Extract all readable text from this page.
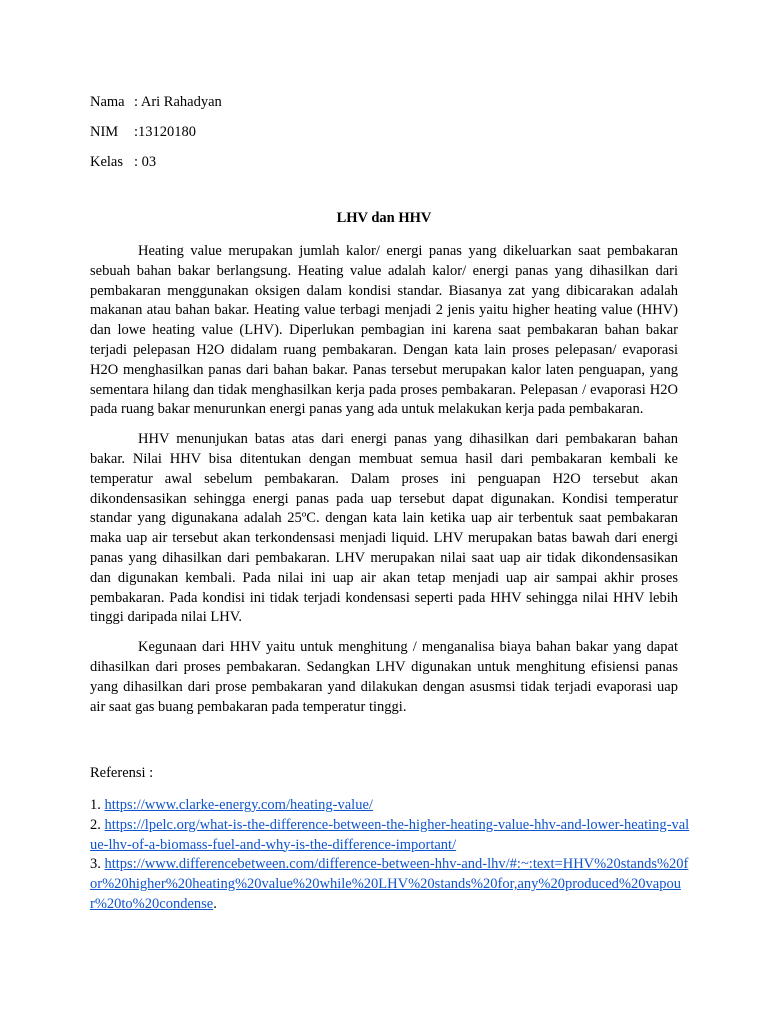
Nama : Ari Rahadyan
NIM	:13120180
Kelas : 03
LHV dan HHV

Heating value merupakan jumlah kalor/ energi panas yang dikeluarkan saat pembakaran sebuah bahan bakar berlangsung. Heating value adalah kalor/ energi panas yang dihasilkan dari pembakaran menggunakan oksigen dalam kondisi standar. Biasanya zat yang dibicarakan adalah makanan atau bahan bakar. Heating value terbagi menjadi 2 jenis yaitu higher heating value (HHV) dan lowe heating value (LHV). Diperlukan pembagian ini karena saat pembakaran bahan bakar terjadi pelepasan H2O didalam ruang pembakaran. Dengan kata lain proses pelepasan/ evaporasi H2O menghasilkan panas dari bahan bakar. Panas tersebut merupakan kalor laten penguapan, yang sementara hilang dan tidak menghasilkan kerja pada proses pembakaran. Pelepasan / evaporasi H2O pada ruang bakar menurunkan energi panas yang ada untuk melakukan kerja pada pembakaran.

HHV menunjukan batas atas dari energi panas yang dihasilkan dari pembakaran bahan bakar. Nilai HHV bisa ditentukan dengan membuat semua hasil dari pembakaran kembali ke temperatur awal sebelum pembakaran. Dalam proses ini penguapan H2O tersebut akan dikondensasikan sehingga energi panas pada uap tersebut dapat digunakan. Kondisi temperatur standar yang digunakana adalah 25ºC. dengan kata lain ketika uap air terbentuk saat pembakaran maka uap air tersebut akan terkondensasi menjadi liquid. LHV merupakan batas bawah dari energi panas yang dihasilkan dari pembakaran. LHV merupakan nilai saat uap air tidak dikondensasikan dan digunakan kembali. Pada nilai ini uap air akan tetap menjadi uap air sampai akhir proses pembakaran. Pada kondisi ini tidak terjadi kondensasi seperti pada HHV sehingga nilai HHV lebih tinggi daripada nilai LHV.

Kegunaan dari HHV yaitu untuk menghitung / menganalisa biaya bahan bakar yang dapat dihasilkan dari proses pembakaran. Sedangkan LHV digunakan untuk menghitung efisiensi panas yang dihasilkan dari prose pembakaran yand dilakukan dengan asusmsi tidak terjadi evaporasi uap air saat gas buang pembakaran pada temperatur tinggi.

Referensi :
1. https://www.clarke-energy.com/heating-value/
2. https://lpelc.org/what-is-the-difference-between-the-higher-heating-value-hhv-and-lower-heating-value-lhv-of-a-biomass-fuel-and-why-is-the-difference-important/
3. https://www.differencebetween.com/difference-between-hhv-and-lhv/#:~:text=HHV%20stands%20for%20higher%20heating%20value%20while%20LHV%20stands%20for,any%20produced%20vapour%20to%20condense.
